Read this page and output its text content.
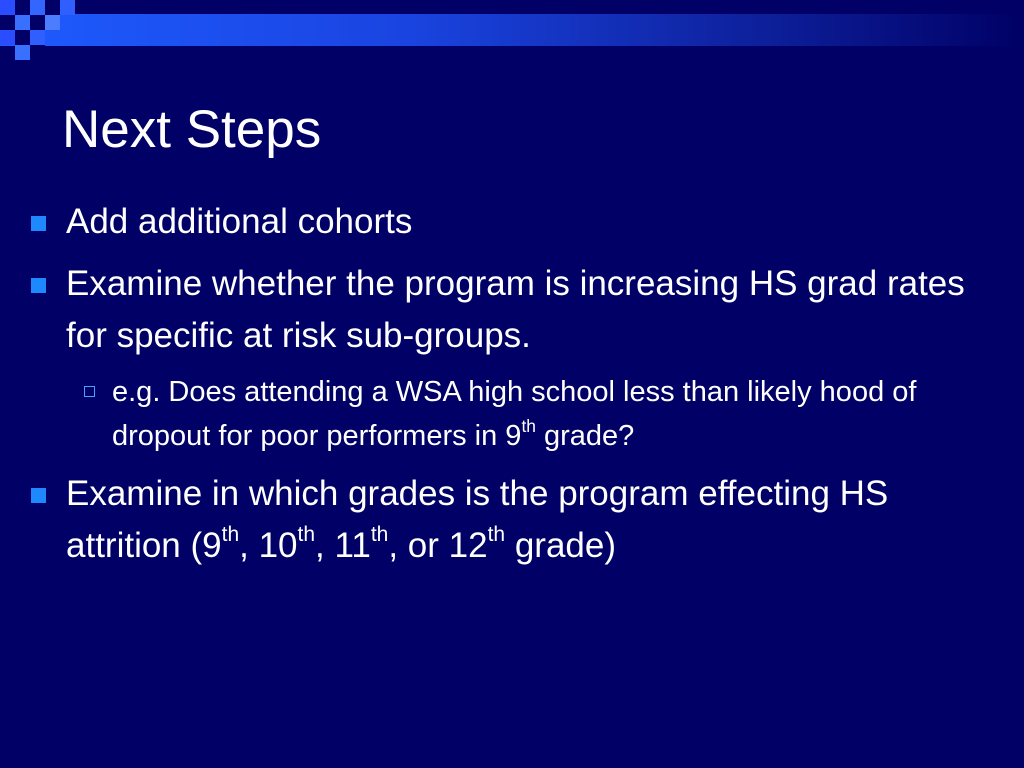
Next Steps
Add additional cohorts
Examine whether the program is increasing HS grad rates for specific at risk sub-groups.
e.g. Does attending a WSA high school less than likely hood of dropout for poor performers in 9th grade?
Examine in which grades is the program effecting HS attrition (9th, 10th, 11th, or 12th grade)
